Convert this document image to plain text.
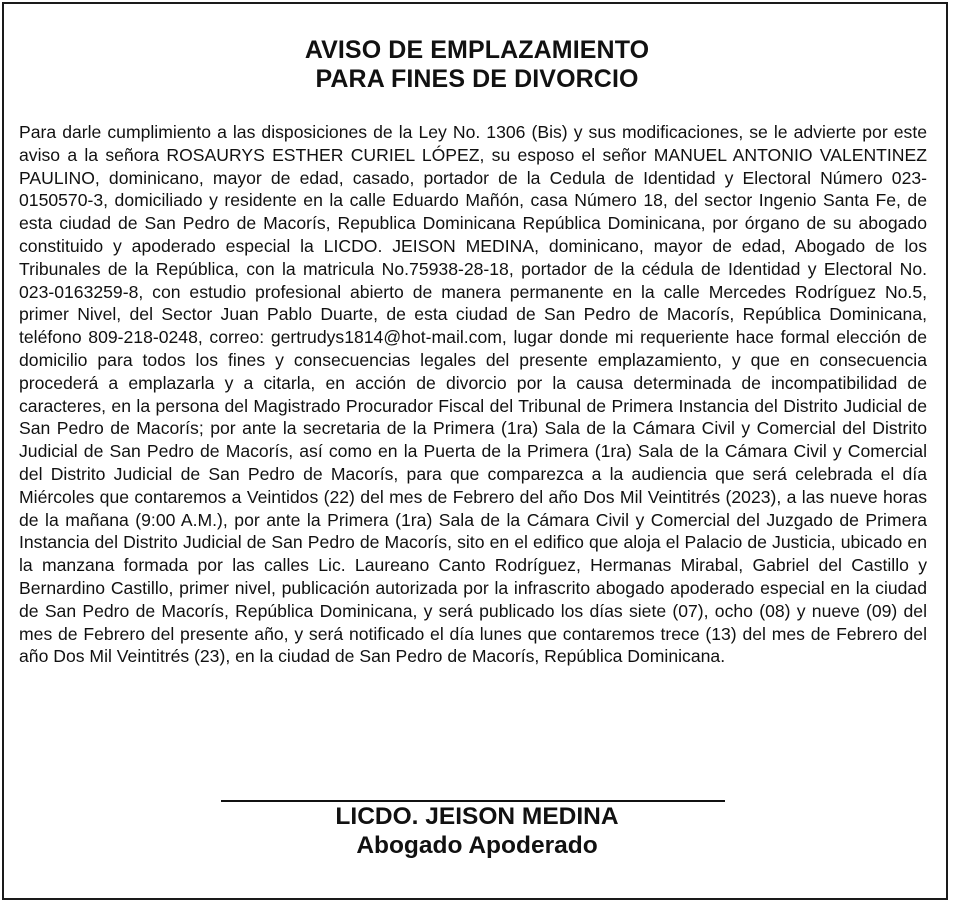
AVISO DE EMPLAZAMIENTO
PARA FINES DE DIVORCIO

Para darle cumplimiento a las disposiciones de la Ley No. 1306 (Bis) y sus modificaciones, se le advierte por este aviso a la señora ROSAURYS ESTHER CURIEL LÓPEZ, su esposo el señor MANUEL ANTONIO VALENTINEZ PAULINO, dominicano, mayor de edad, casado, portador de la Cedula de Identidad y Electoral Número 023-0150570-3, domiciliado y residente en la calle Eduardo Mañón, casa Número 18, del sector Ingenio Santa Fe, de esta ciudad de San Pedro de Macorís, Republica Dominicana República Dominicana, por órgano de su abogado constituido y apoderado especial la LICDO. JEISON MEDINA, dominicano, mayor de edad, Abogado de los Tribunales de la República, con la matricula No.75938-28-18, portador de la cédula de Identidad y Electoral No. 023-0163259-8, con estudio profesional abierto de manera permanente en la calle Mercedes Rodríguez No.5, primer Nivel, del Sector Juan Pablo Duarte, de esta ciudad de San Pedro de Macorís, República Dominicana, teléfono 809-218-0248, correo: gertrudys1814@hot-mail.com, lugar donde mi requeriente hace formal elección de domicilio para todos los fines y consecuencias legales del presente emplazamiento, y que en consecuencia procederá a emplazarla y a citarla, en acción de divorcio por la causa determinada de incompatibilidad de caracteres, en la persona del Magistrado Procurador Fiscal del Tribunal de Primera Instancia del Distrito Judicial de San Pedro de Macorís; por ante la secretaria de la Primera (1ra) Sala de la Cámara Civil y Comercial del Distrito Judicial de San Pedro de Macorís, así como en la Puerta de la Primera (1ra) Sala de la Cámara Civil y Comercial del Distrito Judicial de San Pedro de Macorís, para que comparezca a la audiencia que será celebrada el día Miércoles que contaremos a Veintidos (22) del mes de Febrero del año Dos Mil Veintitrés (2023), a las nueve horas de la mañana (9:00 A.M.), por ante la Primera (1ra) Sala de la Cámara Civil y Comercial del Juzgado de Primera Instancia del Distrito Judicial de San Pedro de Macorís, sito en el edifico que aloja el Palacio de Justicia, ubicado en la manzana formada por las calles Lic. Laureano Canto Rodríguez, Hermanas Mirabal, Gabriel del Castillo y Bernardino Castillo, primer nivel, publicación autorizada por la infrascrito abogado apoderado especial en la ciudad de San Pedro de Macorís, República Dominicana, y será publicado los días siete (07), ocho (08) y nueve (09) del mes de Febrero del presente año, y será notificado el día lunes que contaremos trece (13) del mes de Febrero del año Dos Mil Veintitrés (23), en la ciudad de San Pedro de Macorís, República Dominicana.

LICDO. JEISON MEDINA
Abogado Apoderado
